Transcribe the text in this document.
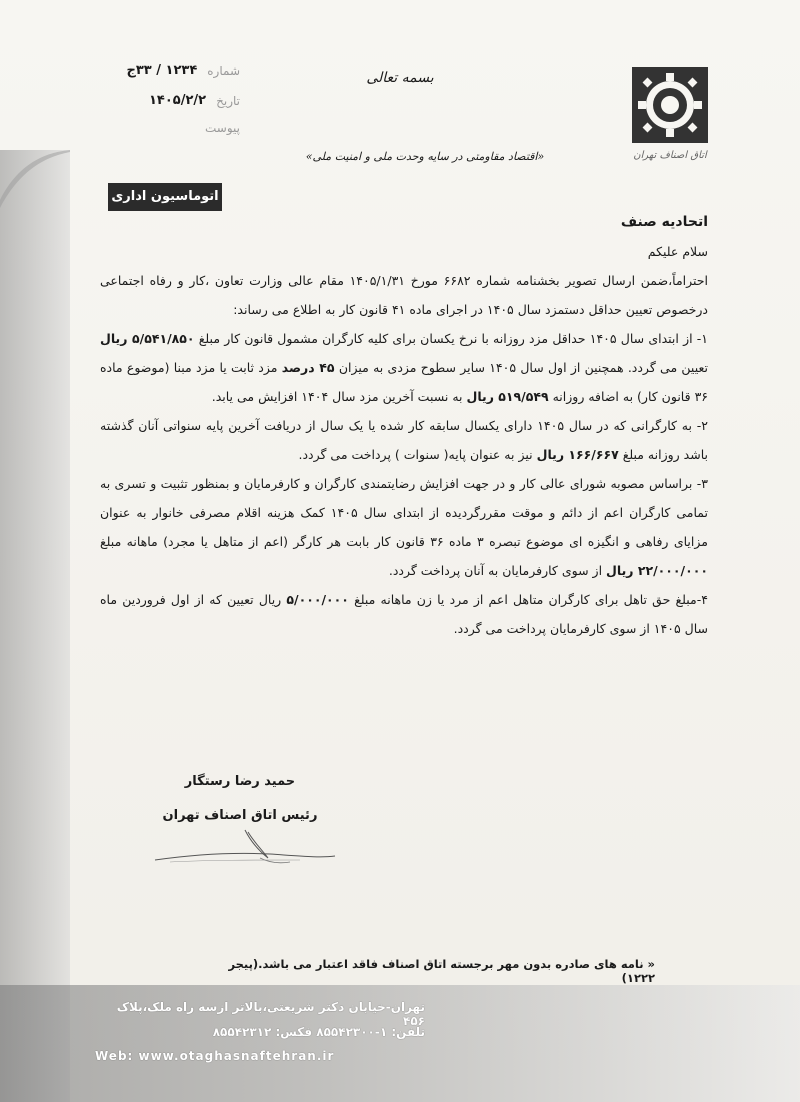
شماره
۱۲۳۴ / ۳۳ج
تاریخ
۱۴۰۵/۲/۲
پیوست
بسمه تعالی
«اقتصاد مقاومتی در سایه وحدت ملی و امنیت ملی»	اتاق اصناف تهران
اتوماسیون اداری

اتحادیه صنف

سلام علیکم

احتراماً،ضمن ارسال تصویر بخشنامه شماره ۶۶۸۲ مورخ ۱۴۰۵/۱/۳۱ مقام عالی وزارت تعاون ،کار و رفاه اجتماعی درخصوص تعیین حداقل دستمزد سال ۱۴۰۵ در اجرای ماده ۴۱ قانون کار به اطلاع می رساند:

۱- از ابتدای سال ۱۴۰۵ حداقل مزد روزانه با نرخ یکسان برای کلیه کارگران مشمول قانون کار مبلغ ۵/۵۴۱/۸۵۰ ریال تعیین می گردد. همچنین از اول سال ۱۴۰۵ سایر سطوح مزدی به میزان ۴۵ درصد مزد ثابت یا مزد مبنا (موضوع ماده ۳۶ قانون کار) به اضافه روزانه ۵۱۹/۵۴۹ ریال به نسبت آخرین مزد سال ۱۴۰۴ افزایش می یابد.

۲- به کارگرانی که در سال ۱۴۰۵ دارای یکسال سابقه کار شده یا یک سال از دریافت آخرین پایه سنواتی آنان گذشته باشد روزانه مبلغ ۱۶۶/۶۶۷ ریال نیز به عنوان پایه( سنوات ) پرداخت می گردد.

۳- براساس مصوبه شورای عالی کار و در جهت افزایش رضایتمندی کارگران و کارفرمایان و بمنظور تثبیت و تسری به تمامی کارگران اعم از دائم و موقت مقررگردیده از ابتدای سال ۱۴۰۵ کمک هزینه اقلام مصرفی خانوار به عنوان مزایای رفاهی و انگیزه ای موضوع تبصره ۳ ماده ۳۶ قانون کار بابت هر کارگر (اعم از متاهل یا مجرد) ماهانه مبلغ ۲۲/۰۰۰/۰۰۰ ریال از سوی کارفرمایان به آنان پرداخت گردد.

۴-مبلغ حق تاهل برای کارگران متاهل اعم از مرد یا زن ماهانه مبلغ ۵/۰۰۰/۰۰۰ ریال تعیین که از اول فروردین ماه سال ۱۴۰۵ از سوی کارفرمایان پرداخت می گردد.

حمید رضا رستگار
رئیس اتاق اصناف تهران
« نامه های صادره بدون مهر برجسته اتاق اصناف فاقد اعتبار می باشد.(پیجر ۱۲۲۲)
تهران-خیابان دکتر شریعتی،بالاتر ازسه راه ملک،پلاک ۴۵۶
تلفن: ۱-۸۵۵۴۲۳۰۰ فکس: ۸۵۵۴۲۳۱۲
Web: www.otaghasnaftehran.ir
